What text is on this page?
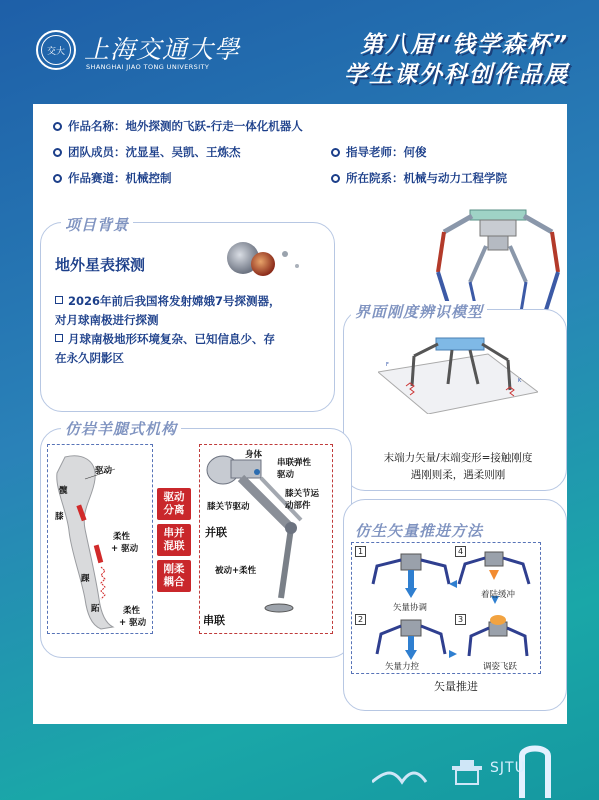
交大 上海交通大學
SHANGHAI JIAO TONG UNIVERSITY
第八届“钱学森杯”
学生课外科创作品展
作品名称：地外探测的飞跃-行走一体化机器人
团队成员：沈显星、吴凯、王炼杰	指导老师：何俊
作品赛道：机械控制	所在院系：机械与动力工程学院
项目背景
地外星表探测
2026年前后我国将发射嫦娥7号探测器，对月球南极进行探测
月球南极地形环境复杂、已知信息少、存在永久阴影区
界面刚度辨识模型
F
K
末端力矢量/末端变形=接触刚度
遇刚则柔，遇柔则刚
仿岩羊腿式机构
驱动
髋
膝
柔性
+ 驱动
踝
跖	柔性
+ 驱动
驱动
分离
串并
混联
刚柔
耦合
身体
串联弹性
驱动
膝关节运
动部件
膝关节驱动
并联
被动+柔性
串联
仿生矢量推进方法
1	4
2	3
矢量协调
着陆缓冲
矢量力控	调姿飞跃
矢量推进
SJTU
